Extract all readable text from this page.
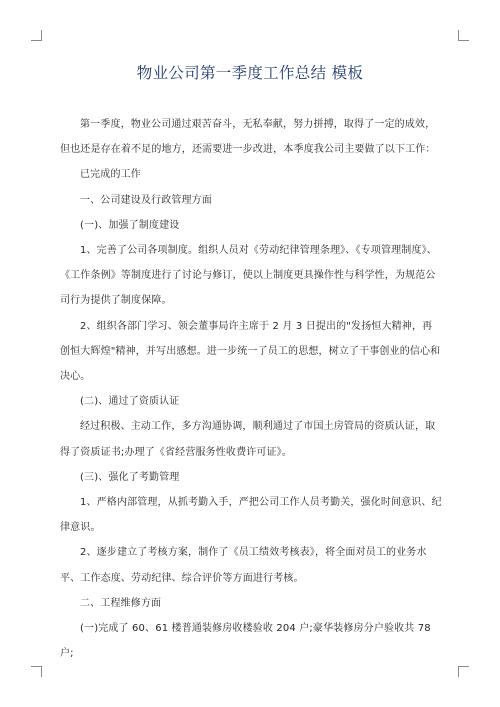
物业公司第一季度工作总结 模板

第一季度，物业公司通过艰苦奋斗，无私奉献，努力拼搏，取得了一定的成效，但也还是存在着不足的地方，还需要进一步改进，本季度我公司主要做了以下工作：

已完成的工作

一、公司建设及行政管理方面

(一)、加强了制度建设

1、完善了公司各项制度。组织人员对《劳动纪律管理条理》、《专项管理制度》、《工作条例》等制度进行了讨论与修订，使以上制度更具操作性与科学性，为规范公司行为提供了制度保障。

2、组织各部门学习、领会董事局许主席于 2 月 3 日提出的"发扬恒大精神，再创恒大辉煌"精神，并写出感想。进一步统一了员工的思想，树立了干事创业的信心和决心。

(二)、通过了资质认证

经过积极、主动工作，多方沟通协调，顺利通过了市国土房管局的资质认证，取得了资质证书;办理了《省经营服务性收费许可证》。

(三)、强化了考勤管理

1、严格内部管理，从抓考勤入手，严把公司工作人员考勤关，强化时间意识、纪律意识。

2、逐步建立了考核方案，制作了《员工绩效考核表》，将全面对员工的业务水平、工作态度、劳动纪律、综合评价等方面进行考核。

二、工程维修方面

(一)完成了 60、61 楼普通装修房收楼验收 204 户;豪华装修房分户验收共 78 户;
